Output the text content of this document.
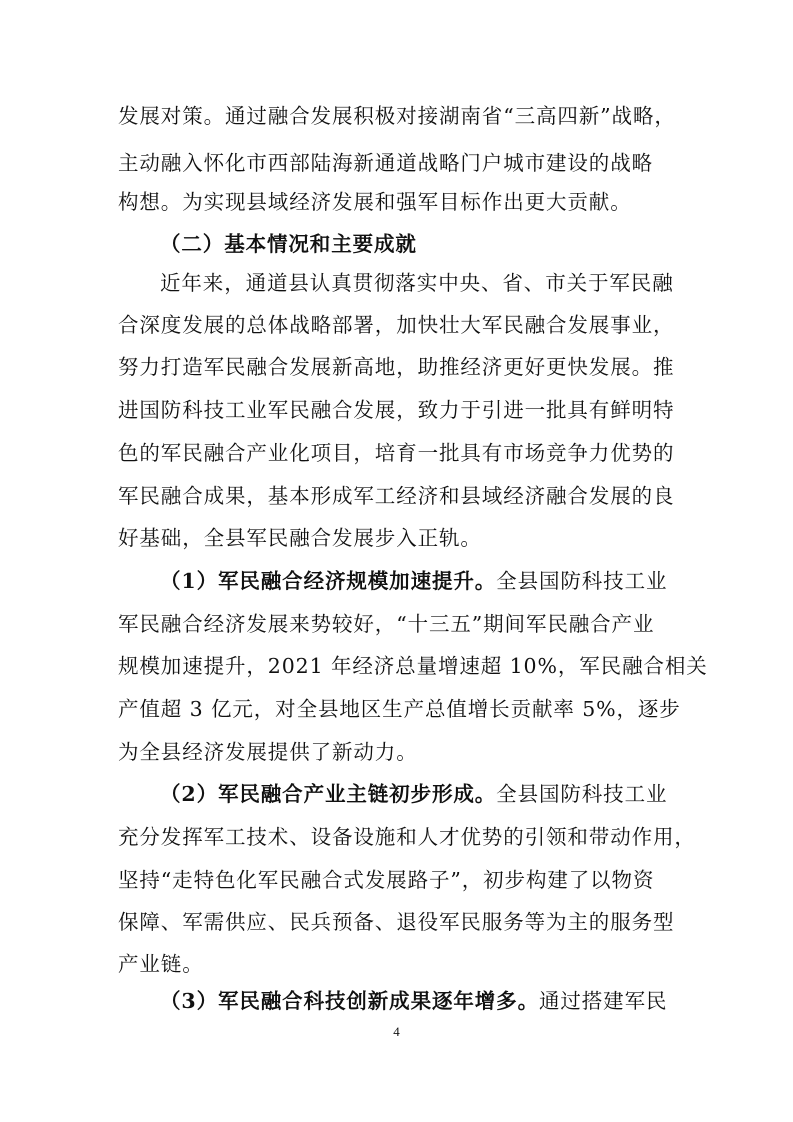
发展对策。通过融合发展积极对接湖南省“三高四新”战略，
主动融入怀化市西部陆海新通道战略门户城市建设的战略
构想。为实现县域经济发展和强军目标作出更大贡献。
（二）基本情况和主要成就
近年来，通道县认真贯彻落实中央、省、市关于军民融
合深度发展的总体战略部署，加快壮大军民融合发展事业，
努力打造军民融合发展新高地，助推经济更好更快发展。推
进国防科技工业军民融合发展，致力于引进一批具有鲜明特
色的军民融合产业化项目，培育一批具有市场竞争力优势的
军民融合成果，基本形成军工经济和县域经济融合发展的良
好基础，全县军民融合发展步入正轨。
（1）军民融合经济规模加速提升。全县国防科技工业
军民融合经济发展来势较好，“十三五”期间军民融合产业
规模加速提升，2021 年经济总量增速超 10%，军民融合相关
产值超 3 亿元，对全县地区生产总值增长贡献率 5%，逐步
为全县经济发展提供了新动力。
（2）军民融合产业主链初步形成。全县国防科技工业
充分发挥军工技术、设备设施和人才优势的引领和带动作用，
坚持“走特色化军民融合式发展路子”，初步构建了以物资
保障、军需供应、民兵预备、退役军民服务等为主的服务型
产业链。
（3）军民融合科技创新成果逐年增多。通过搭建军民
4
